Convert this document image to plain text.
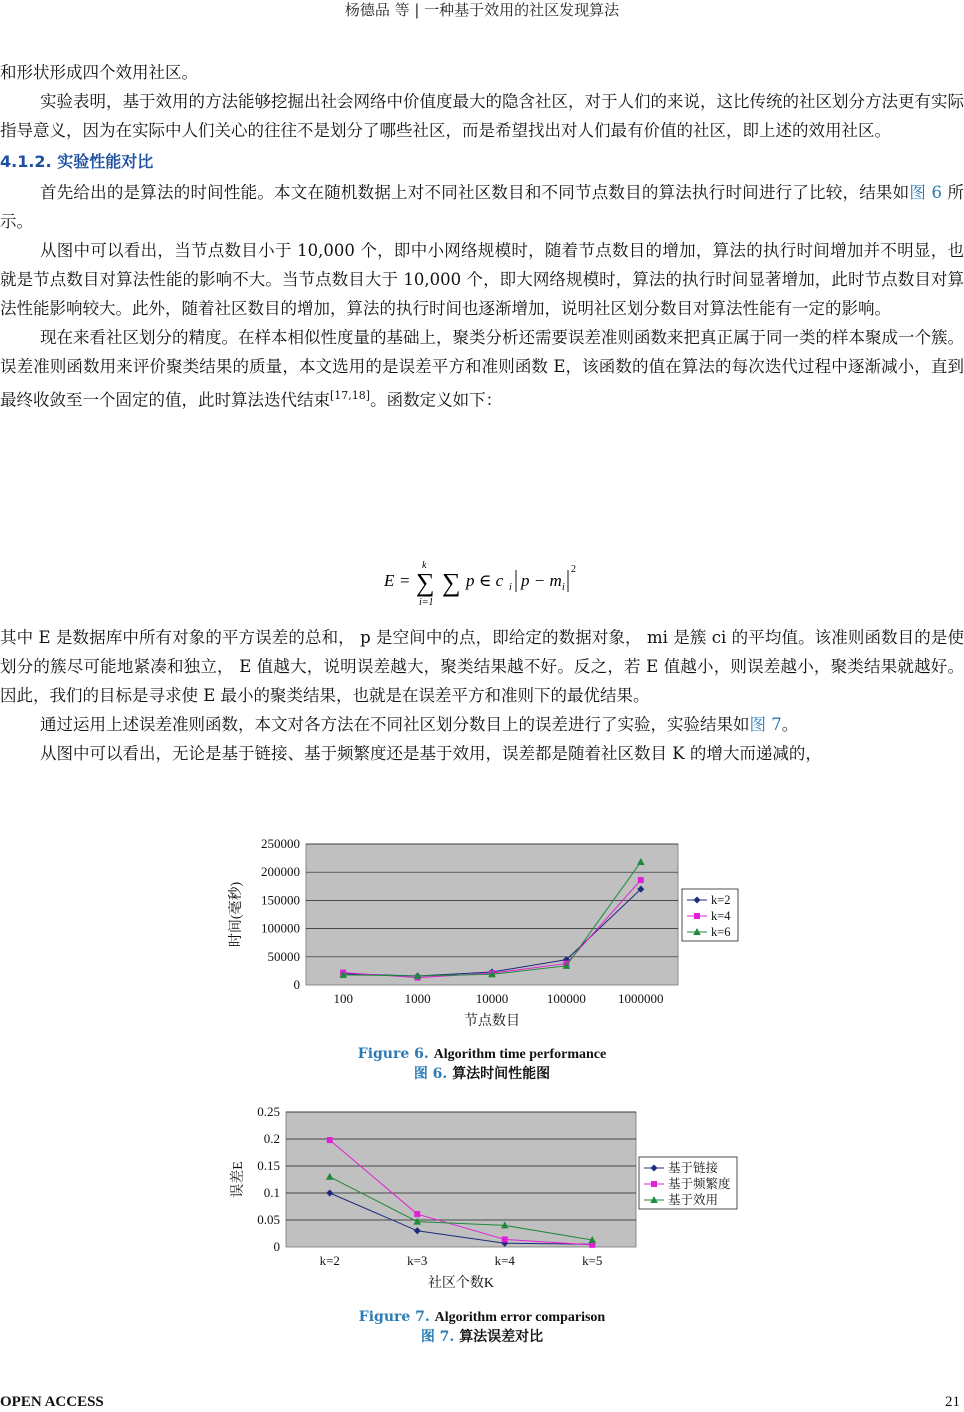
杨德品 等 | 一种基于效用的社区发现算法

和形状形成四个效用社区。

实验表明，基于效用的方法能够挖掘出社会网络中价值度最大的隐含社区，对于人们的来说，这比传统的社区划分方法更有实际指导意义，因为在实际中人们关心的往往不是划分了哪些社区，而是希望找出对人们最有价值的社区，即上述的效用社区。

4.1.2. 实验性能对比

首先给出的是算法的时间性能。本文在随机数据上对不同社区数目和不同节点数目的算法执行时间进行了比较，结果如图 6 所示。

从图中可以看出，当节点数目小于 10,000 个，即中小网络规模时，随着节点数目的增加，算法的执行时间增加并不明显，也就是节点数目对算法性能的影响不大。当节点数目大于 10,000 个，即大网络规模时，算法的执行时间显著增加，此时节点数目对算法性能影响较大。此外，随着社区数目的增加，算法的执行时间也逐渐增加，说明社区划分数目对算法性能有一定的影响。

现在来看社区划分的精度。在样本相似性度量的基础上，聚类分析还需要误差准则函数来把真正属于同一类的样本聚成一个簇。误差准则函数用来评价聚类结果的质量，本文选用的是误差平方和准则函数 E，该函数的值在算法的每次迭代过程中逐渐减小，直到最终收敛至一个固定的值，此时算法迭代结束[17,18]。函数定义如下：

E =
k
∑
i=1
∑ p ∈ c i p − m i
2

其中 E 是数据库中所有对象的平方误差的总和， p 是空间中的点，即给定的数据对象， mi 是簇 ci 的平均值。该准则函数目的是使划分的簇尽可能地紧凑和独立， E 值越大，说明误差越大，聚类结果越不好。反之，若 E 值越小，则误差越小，聚类结果就越好。因此，我们的目标是寻求使 E 最小的聚类结果，也就是在误差平方和准则下的最优结果。

通过运用上述误差准则函数，本文对各方法在不同社区划分数目上的误差进行了实验，实验结果如图 7。

从图中可以看出，无论是基于链接、基于频繁度还是基于效用，误差都是随着社区数目 K 的增大而递减的，

0
50000
100000
150000
200000
250000
100	1000	10000	100000 1000000
节点数目
时间(毫秒)	k=2
k=4
k=6
Figure 6. Algorithm time performance
图 6. 算法时间性能图
0
0.05
0.1
0.15
0.2
0.25
k=2	k=3	k=4	k=5
社区个数K
误差E	基于链接
基于频繁度
基于效用
Figure 7. Algorithm error comparison
图 7. 算法误差对比
OPEN ACCESS	21
